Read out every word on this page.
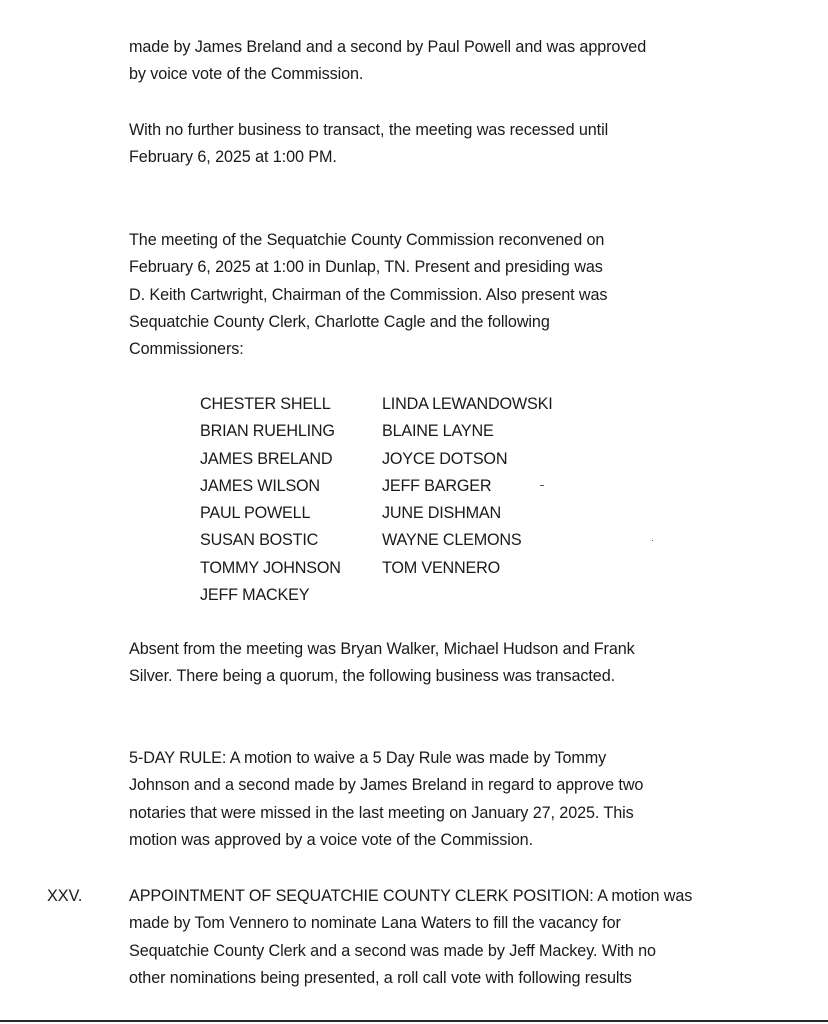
made by James Breland and a second by Paul Powell and was approved
by voice vote of the Commission.
With no further business to transact, the meeting was recessed until
February 6, 2025 at 1:00 PM.
The meeting of the Sequatchie County Commission reconvened on
February 6, 2025 at 1:00 in Dunlap, TN. Present and presiding was
D. Keith Cartwright, Chairman of the Commission. Also present was
Sequatchie County Clerk, Charlotte Cagle and the following
Commissioners:
CHESTER SHELL	LINDA LEWANDOWSKI
BRIAN RUEHLING	BLAINE LAYNE
JAMES BRELAND	JOYCE DOTSON
JAMES WILSON	JEFF BARGER
PAUL POWELL	JUNE DISHMAN
SUSAN BOSTIC	WAYNE CLEMONS
TOMMY JOHNSON	TOM VENNERO
JEFF MACKEY
Absent from the meeting was Bryan Walker, Michael Hudson and Frank
Silver. There being a quorum, the following business was transacted.
5-DAY RULE: A motion to waive a 5 Day Rule was made by Tommy
Johnson and a second made by James Breland in regard to approve two
notaries that were missed in the last meeting on January 27, 2025. This
motion was approved by a voice vote of the Commission.
XXV.	APPOINTMENT OF SEQUATCHIE COUNTY CLERK POSITION: A motion was
made by Tom Vennero to nominate Lana Waters to fill the vacancy for
Sequatchie County Clerk and a second was made by Jeff Mackey. With no
other nominations being presented, a roll call vote with following results
